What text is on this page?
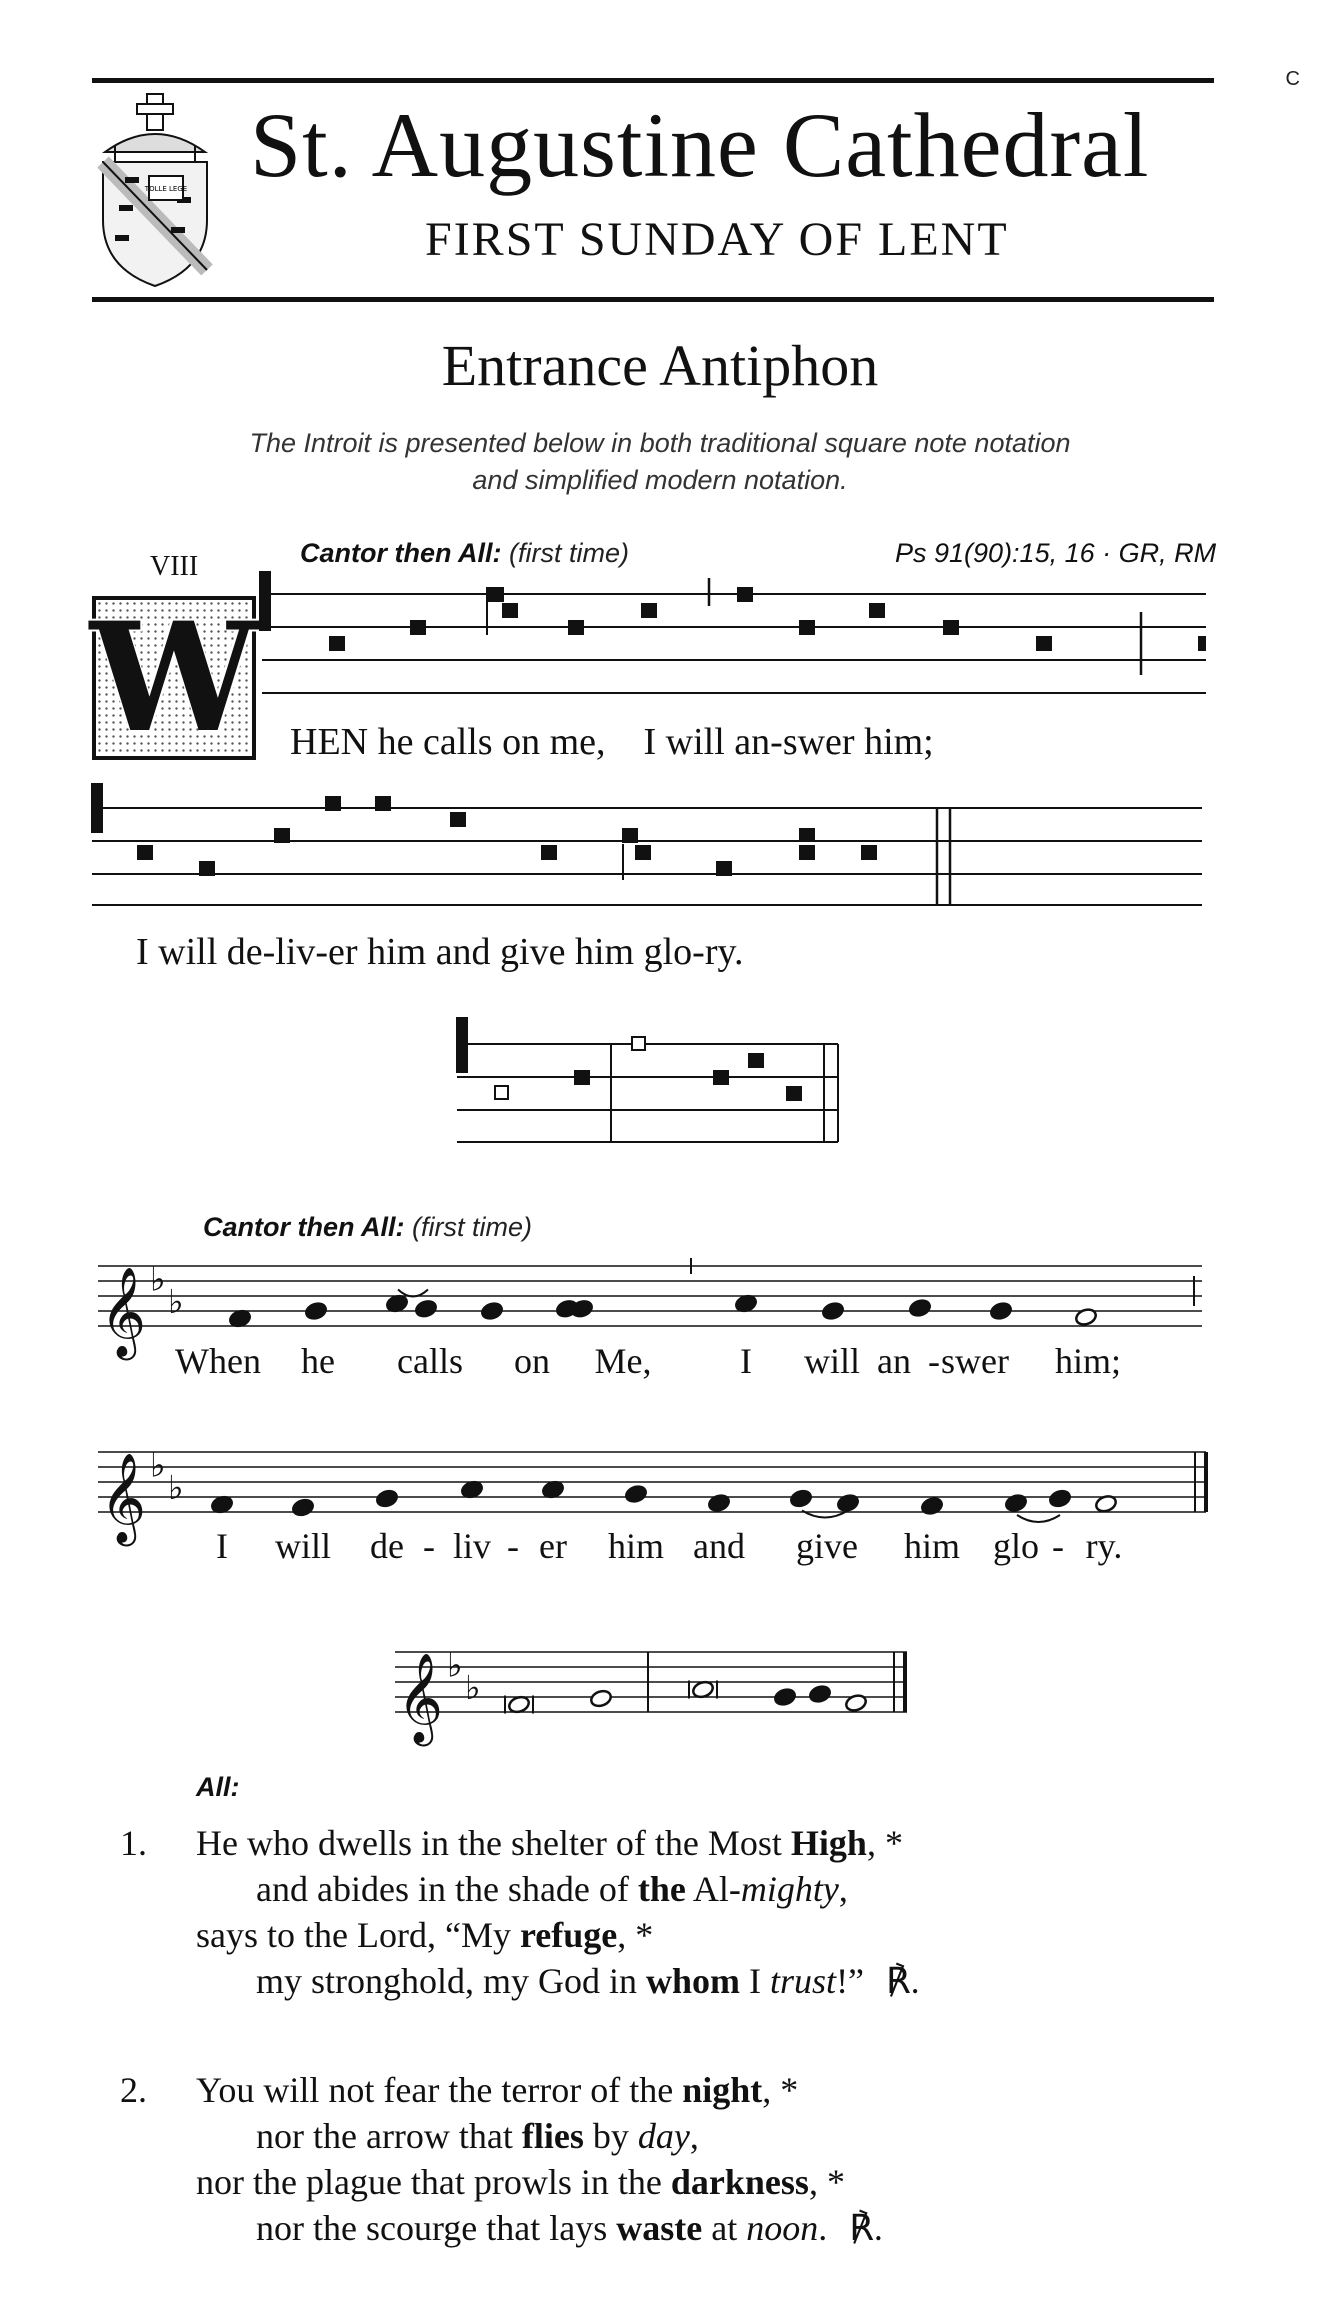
C
TOLLE LEGE St. Augustine Cathedral
FIRST SUNDAY OF LENT
Entrance Antiphon
The Introit is presented below in both traditional square note notation
and simplified modern notation.
VIII	Cantor then All: (first time)	Ps 91(90):15, 16 · GR, RM
W HEN he calls on me,    I will an-swer him;
I will de-liv-er him and give him glo-ry.
Cantor then All: (first time)
𝄞 ♭
♭
𝄞 ♭
♭
𝄞 ♭
♭
When	he	calls	on	Me,	I	will an - swer	him;
I	will	de - liv - er	him and	give	him glo - ry.
All:
1. He who dwells in the shelter of the Most High, *
and abides in the shade of the Al-mighty,
says to the Lord, “My refuge, *
my stronghold, my God in whom I trust!” ℟.
2. You will not fear the terror of the night, *
nor the arrow that flies by day,
nor the plague that prowls in the darkness, *
nor the scourge that lays waste at noon. ℟.
